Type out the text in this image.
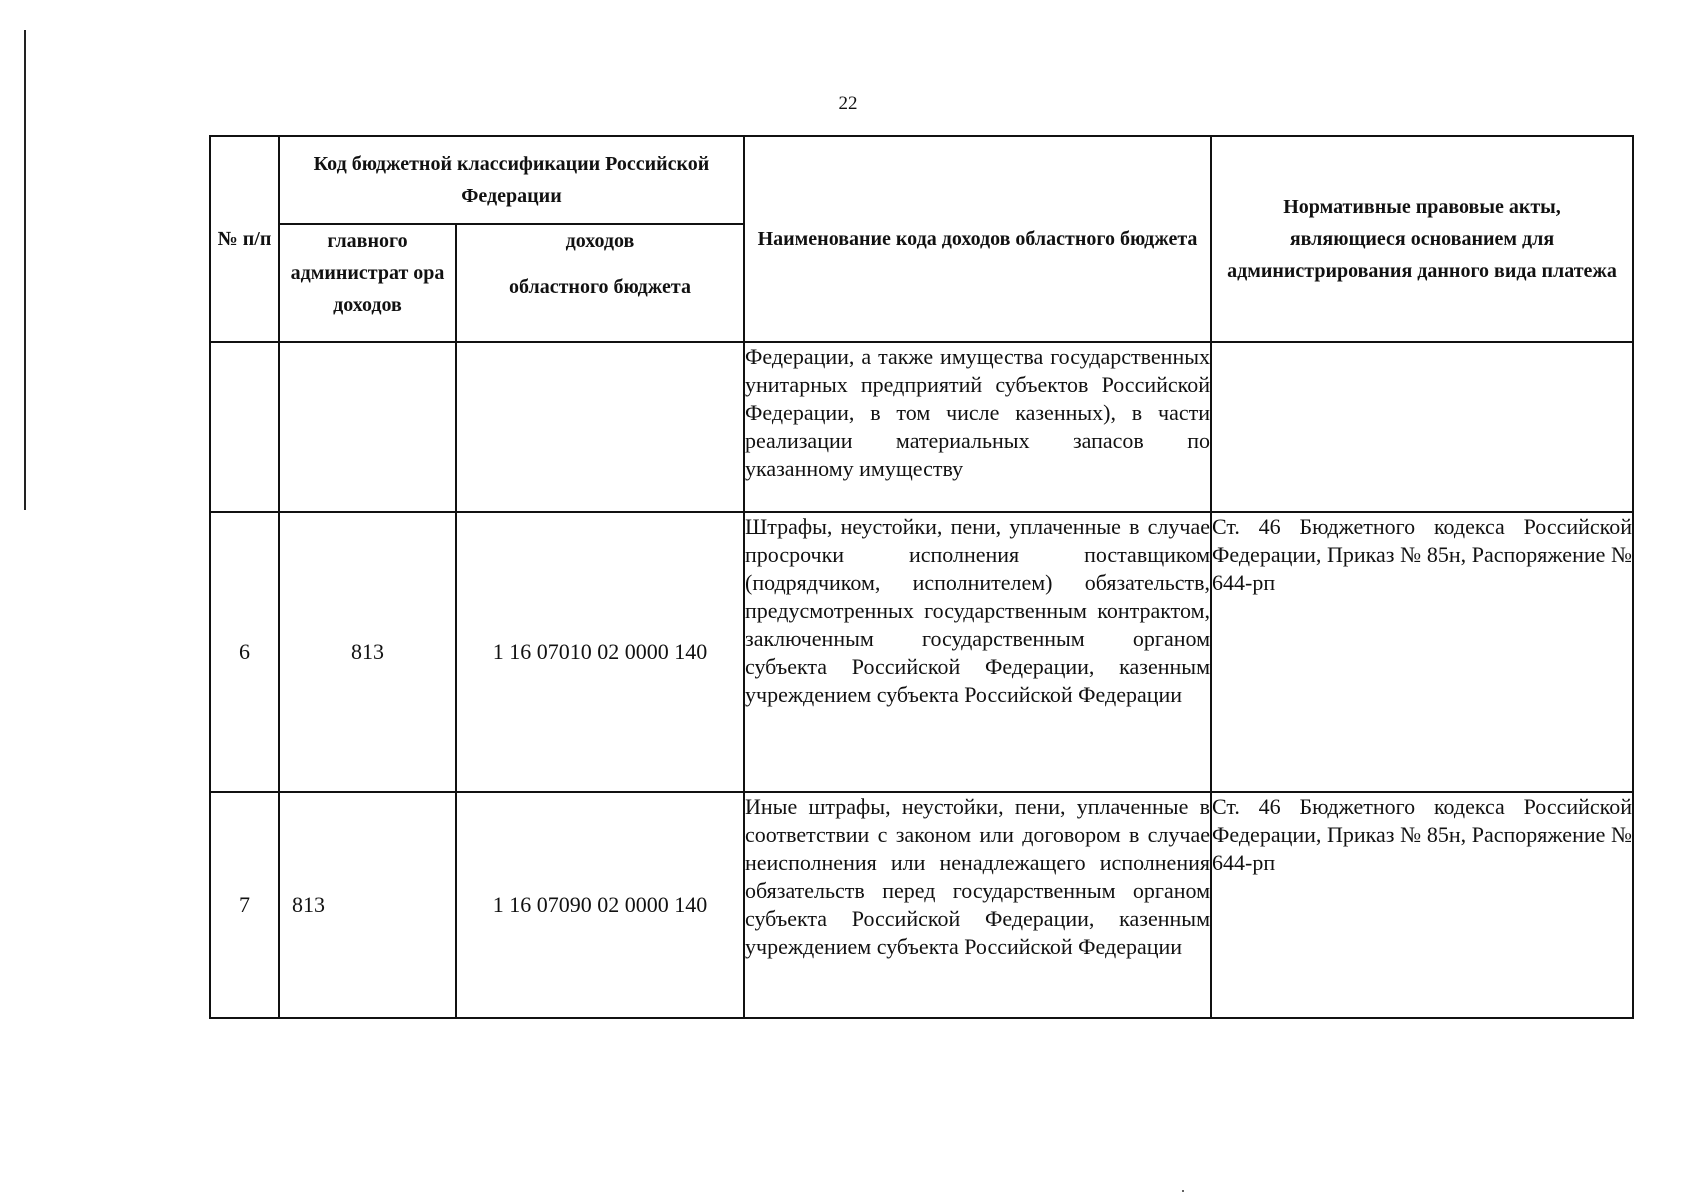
22
№ п/п	Код бюджетной классификации Российской Федерации		Наименование кода доходов областного бюджета	Нормативные правовые акты, являющиеся основанием для администрирования данного вида платежа
	главного администрат ора доходов	доходов
областного бюджета		
			Федерации, а также имущества государственных унитарных предприятий субъектов Российской Федерации, в том числе казенных), в части реализации материальных запасов по указанному имуществу	
6	813	1 16 07010 02 0000 140	Штрафы, неустойки, пени, уплаченные в случае просрочки исполнения поставщиком (подрядчиком, исполнителем) обязательств, предусмотренных государственным контрактом, заключенным государственным органом субъекта Российской Федерации, казенным учреждением субъекта Российской Федерации	Ст. 46 Бюджетного кодекса Российской Федерации, Приказ № 85н, Распоряжение № 644-рп
7	813	1 16 07090 02 0000 140	Иные штрафы, неустойки, пени, уплаченные в соответствии с законом или договором в случае неисполнения или ненадлежащего исполнения обязательств перед государственным органом субъекта Российской Федерации, казенным учреждением субъекта Российской Федерации	Ст. 46 Бюджетного кодекса Российской Федерации, Приказ № 85н, Распоряжение № 644-рп
